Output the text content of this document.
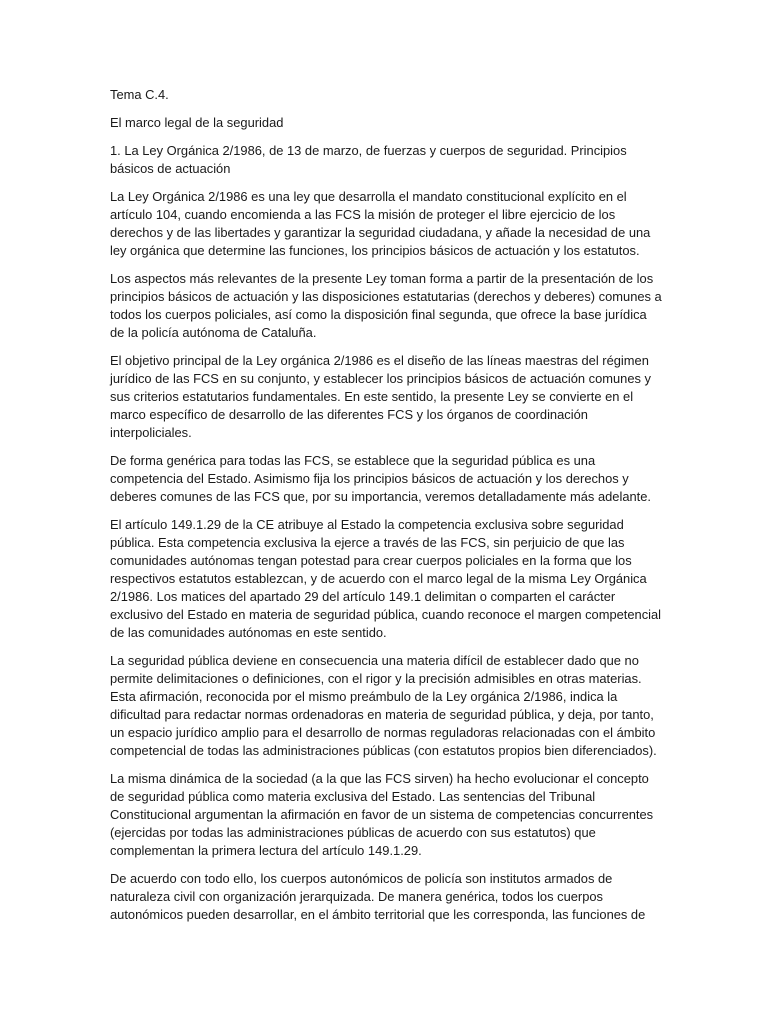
Tema C.4.

El marco legal de la seguridad

1. La Ley Orgánica 2/1986, de 13 de marzo, de fuerzas y cuerpos de seguridad. Principios básicos de actuación

La Ley Orgánica 2/1986 es una ley que desarrolla el mandato constitucional explícito en el artículo 104, cuando encomienda a las FCS la misión de proteger el libre ejercicio de los derechos y de las libertades y garantizar la seguridad ciudadana, y añade la necesidad de una ley orgánica que determine las funciones, los principios básicos de actuación y los estatutos.

Los aspectos más relevantes de la presente Ley toman forma a partir de la presentación de los principios básicos de actuación y las disposiciones estatutarias (derechos y deberes) comunes a todos los cuerpos policiales, así como la disposición final segunda, que ofrece la base jurídica de la policía autónoma de Cataluña.

El objetivo principal de la Ley orgánica 2/1986 es el diseño de las líneas maestras del régimen jurídico de las FCS en su conjunto, y establecer los principios básicos de actuación comunes y sus criterios estatutarios fundamentales. En este sentido, la presente Ley se convierte en el marco específico de desarrollo de las diferentes FCS y los órganos de coordinación interpoliciales.

De forma genérica para todas las FCS, se establece que la seguridad pública es una competencia del Estado. Asimismo fija los principios básicos de actuación y los derechos y deberes comunes de las FCS que, por su importancia, veremos detalladamente más adelante.

El artículo 149.1.29 de la CE atribuye al Estado la competencia exclusiva sobre seguridad pública. Esta competencia exclusiva la ejerce a través de las FCS, sin perjuicio de que las comunidades autónomas tengan potestad para crear cuerpos policiales en la forma que los respectivos estatutos establezcan, y de acuerdo con el marco legal de la misma Ley Orgánica 2/1986. Los matices del apartado 29 del artículo 149.1 delimitan o comparten el carácter exclusivo del Estado en materia de seguridad pública, cuando reconoce el margen competencial de las comunidades autónomas en este sentido.

La seguridad pública deviene en consecuencia una materia difícil de establecer dado que no permite delimitaciones o definiciones, con el rigor y la precisión admisibles en otras materias. Esta afirmación, reconocida por el mismo preámbulo de la Ley orgánica 2/1986, indica la dificultad para redactar normas ordenadoras en materia de seguridad pública, y deja, por tanto, un espacio jurídico amplio para el desarrollo de normas reguladoras relacionadas con el ámbito competencial de todas las administraciones públicas (con estatutos propios bien diferenciados).

La misma dinámica de la sociedad (a la que las FCS sirven) ha hecho evolucionar el concepto de seguridad pública como materia exclusiva del Estado. Las sentencias del Tribunal Constitucional argumentan la afirmación en favor de un sistema de competencias concurrentes (ejercidas por todas las administraciones públicas de acuerdo con sus estatutos) que complementan la primera lectura del artículo 149.1.29.

De acuerdo con todo ello, los cuerpos autonómicos de policía son institutos armados de naturaleza civil con organización jerarquizada. De manera genérica, todos los cuerpos autonómicos pueden desarrollar, en el ámbito territorial que les corresponda, las funciones de
